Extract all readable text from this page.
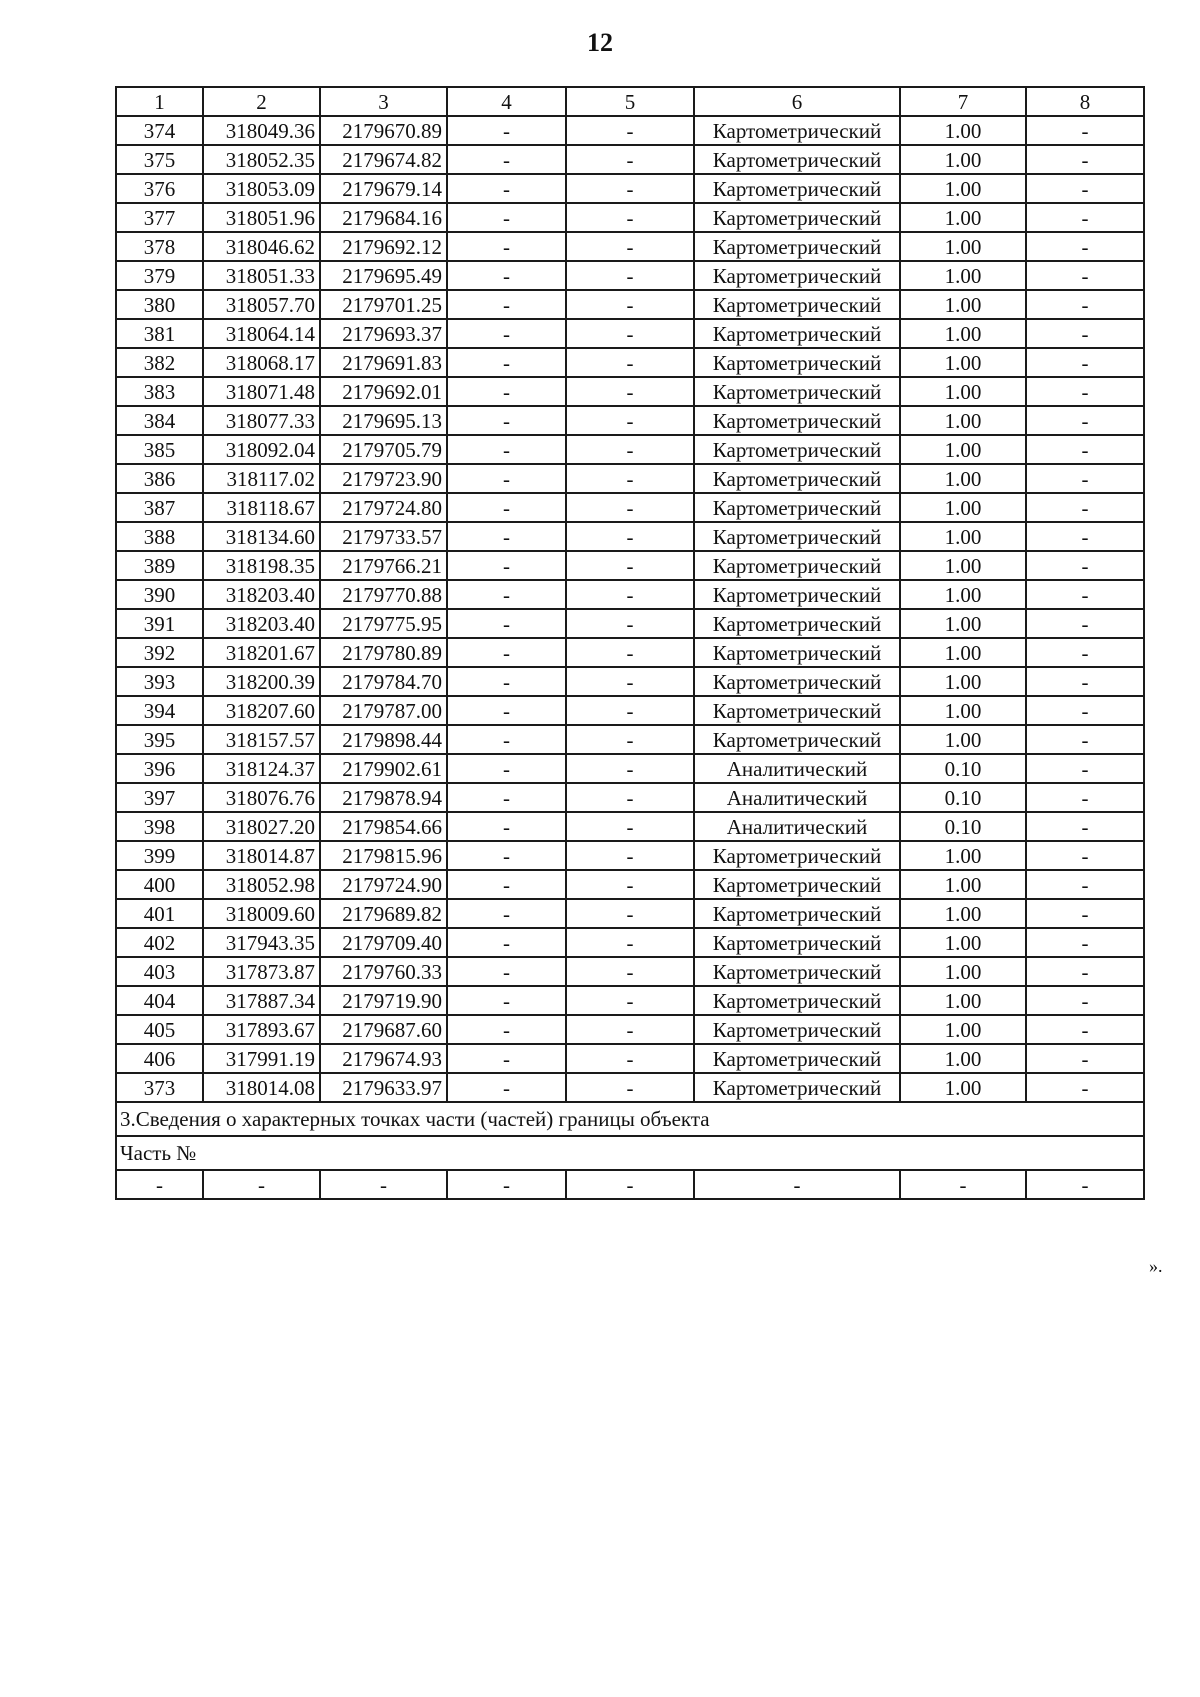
12
1	2	3	4	5	6	7	8
374	318049.36	2179670.89	-	-	Картометрический	1.00	-
375	318052.35	2179674.82	-	-	Картометрический	1.00	-
376	318053.09	2179679.14	-	-	Картометрический	1.00	-
377	318051.96	2179684.16	-	-	Картометрический	1.00	-
378	318046.62	2179692.12	-	-	Картометрический	1.00	-
379	318051.33	2179695.49	-	-	Картометрический	1.00	-
380	318057.70	2179701.25	-	-	Картометрический	1.00	-
381	318064.14	2179693.37	-	-	Картометрический	1.00	-
382	318068.17	2179691.83	-	-	Картометрический	1.00	-
383	318071.48	2179692.01	-	-	Картометрический	1.00	-
384	318077.33	2179695.13	-	-	Картометрический	1.00	-
385	318092.04	2179705.79	-	-	Картометрический	1.00	-
386	318117.02	2179723.90	-	-	Картометрический	1.00	-
387	318118.67	2179724.80	-	-	Картометрический	1.00	-
388	318134.60	2179733.57	-	-	Картометрический	1.00	-
389	318198.35	2179766.21	-	-	Картометрический	1.00	-
390	318203.40	2179770.88	-	-	Картометрический	1.00	-
391	318203.40	2179775.95	-	-	Картометрический	1.00	-
392	318201.67	2179780.89	-	-	Картометрический	1.00	-
393	318200.39	2179784.70	-	-	Картометрический	1.00	-
394	318207.60	2179787.00	-	-	Картометрический	1.00	-
395	318157.57	2179898.44	-	-	Картометрический	1.00	-
396	318124.37	2179902.61	-	-	Аналитический	0.10	-
397	318076.76	2179878.94	-	-	Аналитический	0.10	-
398	318027.20	2179854.66	-	-	Аналитический	0.10	-
399	318014.87	2179815.96	-	-	Картометрический	1.00	-
400	318052.98	2179724.90	-	-	Картометрический	1.00	-
401	318009.60	2179689.82	-	-	Картометрический	1.00	-
402	317943.35	2179709.40	-	-	Картометрический	1.00	-
403	317873.87	2179760.33	-	-	Картометрический	1.00	-
404	317887.34	2179719.90	-	-	Картометрический	1.00	-
405	317893.67	2179687.60	-	-	Картометрический	1.00	-
406	317991.19	2179674.93	-	-	Картометрический	1.00	-
373	318014.08	2179633.97	-	-	Картометрический	1.00	-
3.Сведения о характерных точках части (частей) границы объекта							
Часть №							
-	-	-	-	-	-	-	-
».
